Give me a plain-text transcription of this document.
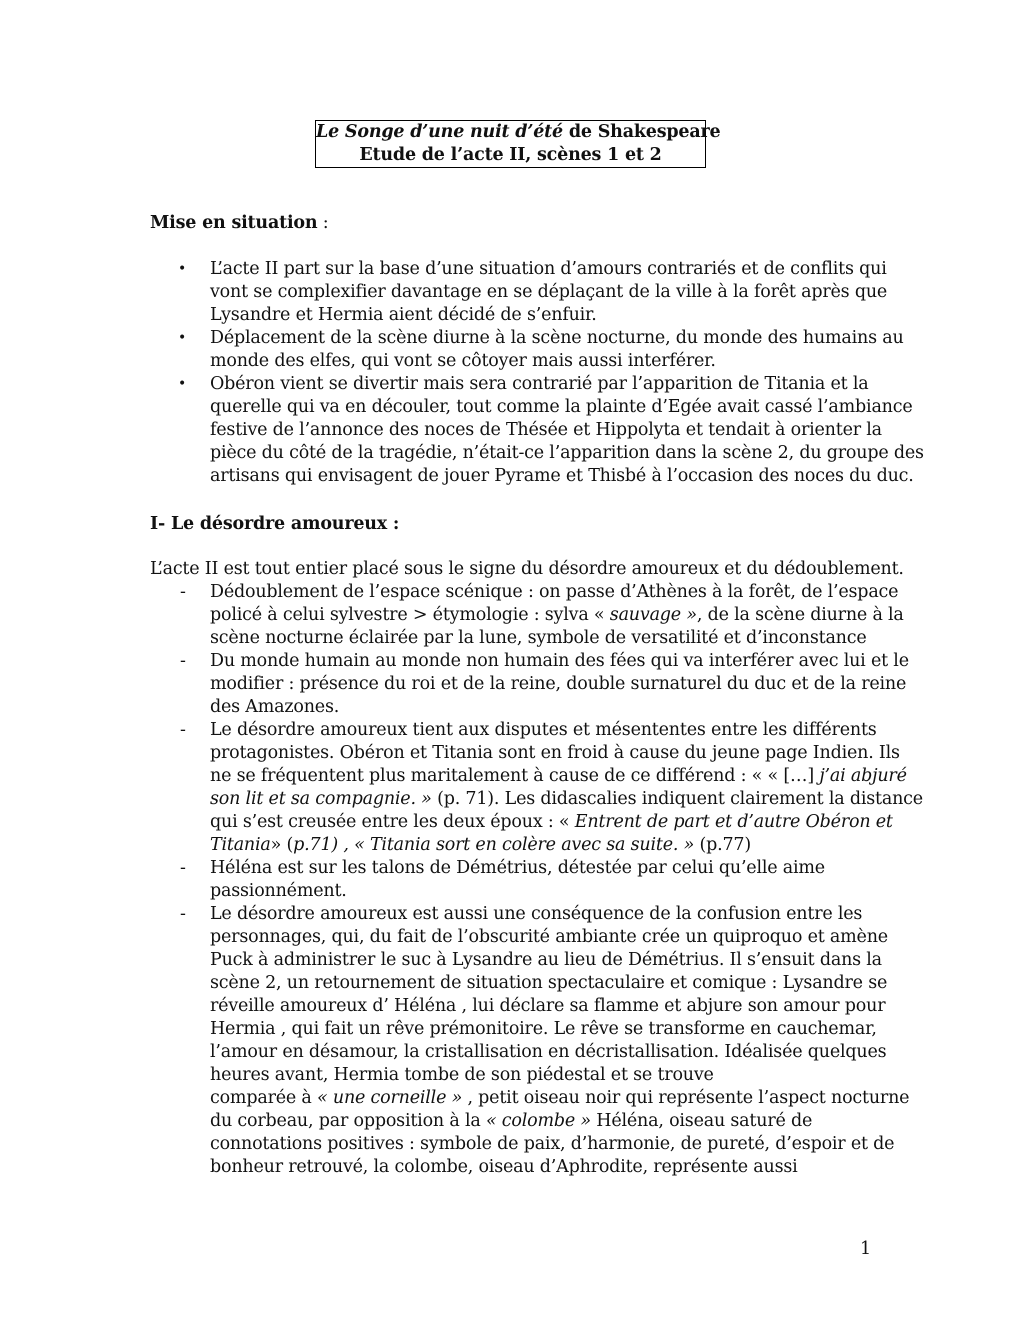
Le Songe d’une nuit d’été de Shakespeare
Etude de l’acte II, scènes 1 et 2
Mise en situation :
• L’acte II part sur la base d’une situation d’amours contrariés et de conflits qui
vont se complexifier davantage en se déplaçant de la ville à la forêt après que
Lysandre et Hermia aient décidé de s’enfuir.
• Déplacement de la scène diurne à la scène nocturne, du monde des humains au
monde des elfes, qui vont se côtoyer mais aussi interférer.
• Obéron vient se divertir mais sera contrarié par l’apparition de Titania et la
querelle qui va en découler, tout comme la plainte d’Egée avait cassé l’ambiance
festive de l’annonce des noces de Thésée et Hippolyta et tendait à orienter la
pièce du côté de la tragédie, n’était-ce l’apparition dans la scène 2, du groupe des
artisans qui envisagent de jouer Pyrame et Thisbé à l’occasion des noces du duc.
I- Le désordre amoureux :
L’acte II est tout entier placé sous le signe du désordre amoureux et du dédoublement.
- Dédoublement de l’espace scénique : on passe d’Athènes à la forêt, de l’espace
policé à celui sylvestre > étymologie : sylva « sauvage », de la scène diurne à la
scène nocturne éclairée par la lune, symbole de versatilité et d’inconstance
- Du monde humain au monde non humain des fées qui va interférer avec lui et le
modifier : présence du roi et de la reine, double surnaturel du duc et de la reine
des Amazones.
- Le désordre amoureux tient aux disputes et mésententes entre les différents
protagonistes. Obéron et Titania sont en froid à cause du jeune page Indien. Ils
ne se fréquentent plus maritalement à cause de ce différend : « « […] j’ai abjuré
son lit et sa compagnie. » (p. 71). Les didascalies indiquent clairement la distance
qui s’est creusée entre les deux époux : « Entrent de part et d’autre Obéron et
Titania» (p.71) , « Titania sort en colère avec sa suite. » (p.77)
- Héléna est sur les talons de Démétrius, détestée par celui qu’elle aime
passionnément.
- Le désordre amoureux est aussi une conséquence de la confusion entre les
personnages, qui, du fait de l’obscurité ambiante crée un quiproquo et amène
Puck à administrer le suc à Lysandre au lieu de Démétrius. Il s’ensuit dans la
scène 2, un retournement de situation spectaculaire et comique : Lysandre se
réveille amoureux d’ Héléna , lui déclare sa flamme et abjure son amour pour
Hermia , qui fait un rêve prémonitoire. Le rêve se transforme en cauchemar,
l’amour en désamour, la cristallisation en décristallisation. Idéalisée quelques
heures avant, Hermia tombe de son piédestal et se trouve
comparée à « une corneille » , petit oiseau noir qui représente l’aspect nocturne
du corbeau, par opposition à la « colombe » Héléna, oiseau saturé de
connotations positives : symbole de paix, d’harmonie, de pureté, d’espoir et de
bonheur retrouvé, la colombe, oiseau d’Aphrodite, représente aussi
1
